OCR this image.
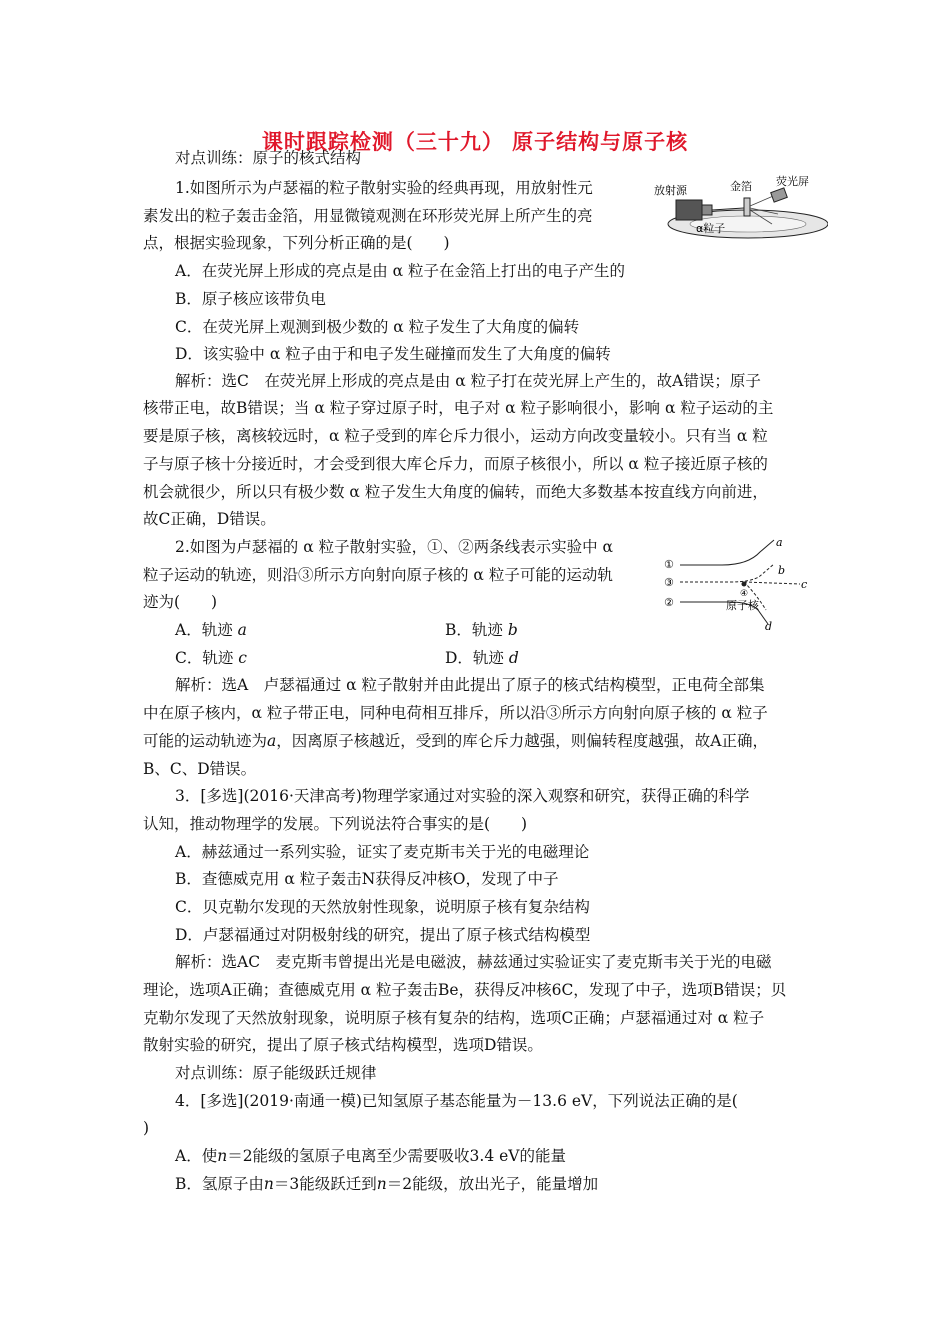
课时跟踪检测（三十九） 原子结构与原子核
对点训练：原子的核式结构
1.如图所示为卢瑟福的粒子散射实验的经典再现，用放射性元
素发出的粒子轰击金箔，用显微镜观测在环形荧光屏上所产生的亮
点，根据实验现象，下列分析正确的是(　　)
放射源	金箔 荧光屏
α粒子
A．在荧光屏上形成的亮点是由 α 粒子在金箔上打出的电子产生的
B．原子核应该带负电
C．在荧光屏上观测到极少数的 α 粒子发生了大角度的偏转
D．该实验中 α 粒子由于和电子发生碰撞而发生了大角度的偏转
解析：选C　在荧光屏上形成的亮点是由 α 粒子打在荧光屏上产生的，故A错误；原子
核带正电，故B错误；当 α 粒子穿过原子时，电子对 α 粒子影响很小，影响 α 粒子运动的主
要是原子核，离核较远时，α 粒子受到的库仑斥力很小，运动方向改变量较小。只有当 α 粒
子与原子核十分接近时，才会受到很大库仑斥力，而原子核很小，所以 α 粒子接近原子核的
机会就很少，所以只有极少数 α 粒子发生大角度的偏转，而绝大多数基本按直线方向前进，
故C正确，D错误。
2.如图为卢瑟福的 α 粒子散射实验，①、②两条线表示实验中 α
粒子运动的轨迹，则沿③所示方向射向原子核的 α 粒子可能的运动轨
迹为(　　)
①
③
②
④
原子核
a
b
c
d
A．轨迹 a	B．轨迹 b
C．轨迹 c	D．轨迹 d
解析：选A　卢瑟福通过 α 粒子散射并由此提出了原子的核式结构模型，正电荷全部集
中在原子核内，α 粒子带正电，同种电荷相互排斥，所以沿③所示方向射向原子核的 α 粒子
可能的运动轨迹为a，因离原子核越近，受到的库仑斥力越强，则偏转程度越强，故A正确，
B、C、D错误。
3．[多选](2016·天津高考)物理学家通过对实验的深入观察和研究，获得正确的科学
认知，推动物理学的发展。下列说法符合事实的是(　　)
A．赫兹通过一系列实验，证实了麦克斯韦关于光的电磁理论
B．查德威克用 α 粒子轰击N获得反冲核O，发现了中子
C．贝克勒尔发现的天然放射性现象，说明原子核有复杂结构
D．卢瑟福通过对阴极射线的研究，提出了原子核式结构模型
解析：选AC　麦克斯韦曾提出光是电磁波，赫兹通过实验证实了麦克斯韦关于光的电磁
理论，选项A正确；查德威克用 α 粒子轰击Be，获得反冲核6C，发现了中子，选项B错误；贝
克勒尔发现了天然放射现象，说明原子核有复杂的结构，选项C正确；卢瑟福通过对 α 粒子
散射实验的研究，提出了原子核式结构模型，选项D错误。
对点训练：原子能级跃迁规律
4．[多选](2019·南通一模)已知氢原子基态能量为－13.6 eV，下列说法正确的是(
)
A．使n＝2能级的氢原子电离至少需要吸收3.4 eV的能量
B．氢原子由n＝3能级跃迁到n＝2能级，放出光子，能量增加
